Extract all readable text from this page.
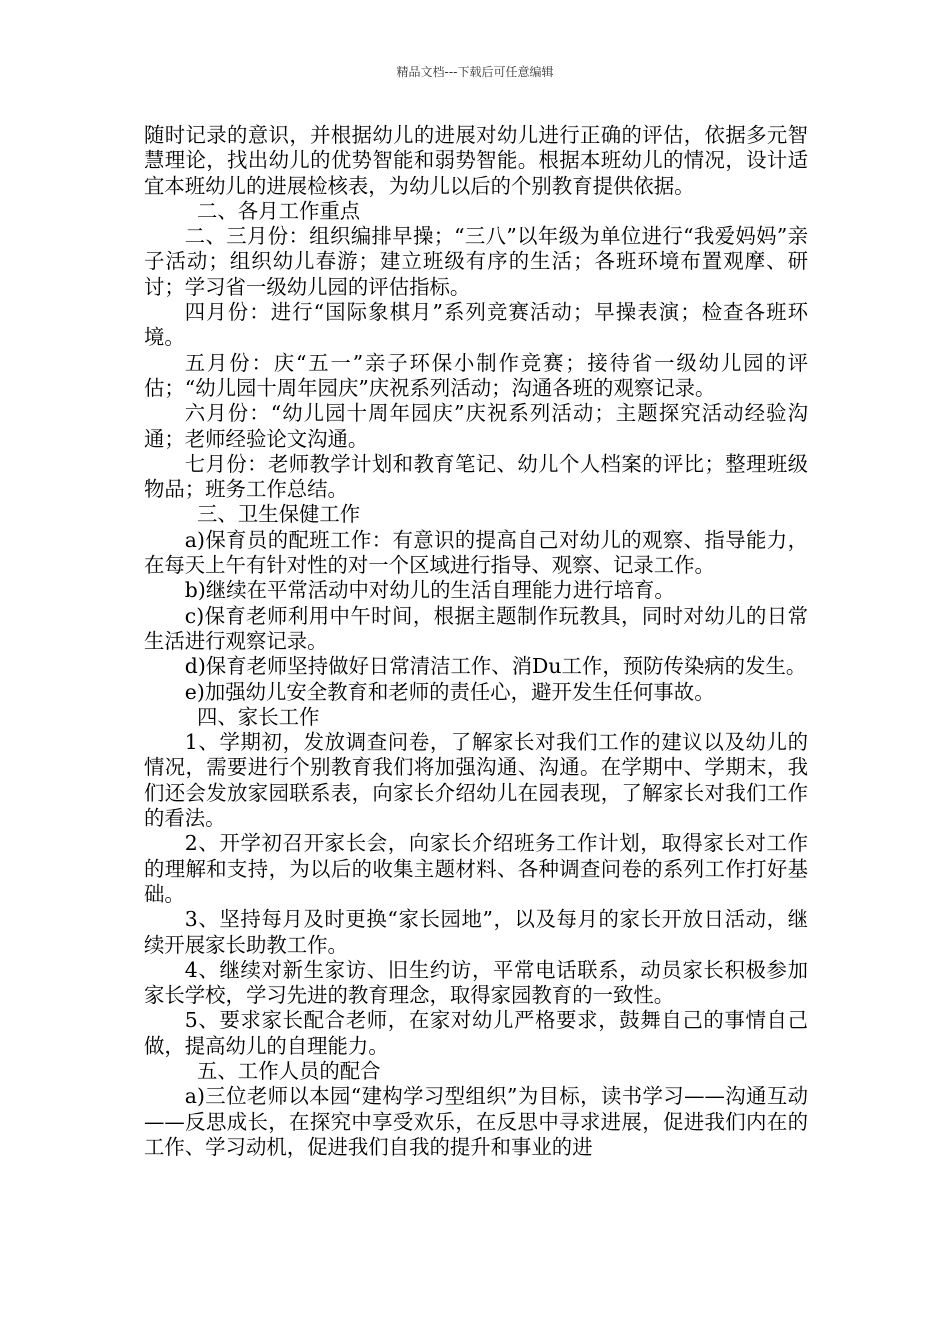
精品文档---下载后可任意编辑

随时记录的意识，并根据幼儿的进展对幼儿进行正确的评估，依据多元智慧理论，找出幼儿的优势智能和弱势智能。根据本班幼儿的情况，设计适宜本班幼儿的进展检核表，为幼儿以后的个别教育提供依据。

二、各月工作重点

二、三月份：组织编排早操；“三八”以年级为单位进行“我爱妈妈”亲子活动；组织幼儿春游；建立班级有序的生活；各班环境布置观摩、研讨；学习省一级幼儿园的评估指标。

四月份：进行“国际象棋月”系列竞赛活动；早操表演；检查各班环境。

五月份：庆“五一”亲子环保小制作竞赛；接待省一级幼儿园的评估；“幼儿园十周年园庆”庆祝系列活动；沟通各班的观察记录。

六月份：“幼儿园十周年园庆”庆祝系列活动；主题探究活动经验沟通；老师经验论文沟通。

七月份：老师教学计划和教育笔记、幼儿个人档案的评比；整理班级物品；班务工作总结。

三、卫生保健工作

a)保育员的配班工作：有意识的提高自己对幼儿的观察、指导能力，在每天上午有针对性的对一个区域进行指导、观察、记录工作。

b)继续在平常活动中对幼儿的生活自理能力进行培育。

c)保育老师利用中午时间，根据主题制作玩教具，同时对幼儿的日常生活进行观察记录。

d)保育老师坚持做好日常清洁工作、消Du工作，预防传染病的发生。

e)加强幼儿安全教育和老师的责任心，避开发生任何事故。

四、家长工作

1、学期初，发放调查问卷，了解家长对我们工作的建议以及幼儿的情况，需要进行个别教育我们将加强沟通、沟通。在学期中、学期末，我们还会发放家园联系表，向家长介绍幼儿在园表现，了解家长对我们工作的看法。

2、开学初召开家长会，向家长介绍班务工作计划，取得家长对工作的理解和支持，为以后的收集主题材料、各种调查问卷的系列工作打好基础。

3、坚持每月及时更换“家长园地”，以及每月的家长开放日活动，继续开展家长助教工作。

4、继续对新生家访、旧生约访，平常电话联系，动员家长积极参加家长学校，学习先进的教育理念，取得家园教育的一致性。

5、要求家长配合老师，在家对幼儿严格要求，鼓舞自己的事情自己做，提高幼儿的自理能力。

五、工作人员的配合

a)三位老师以本园“建构学习型组织”为目标，读书学习——沟通互动——反思成长，在探究中享受欢乐，在反思中寻求进展，促进我们内在的工作、学习动机，促进我们自我的提升和事业的进
